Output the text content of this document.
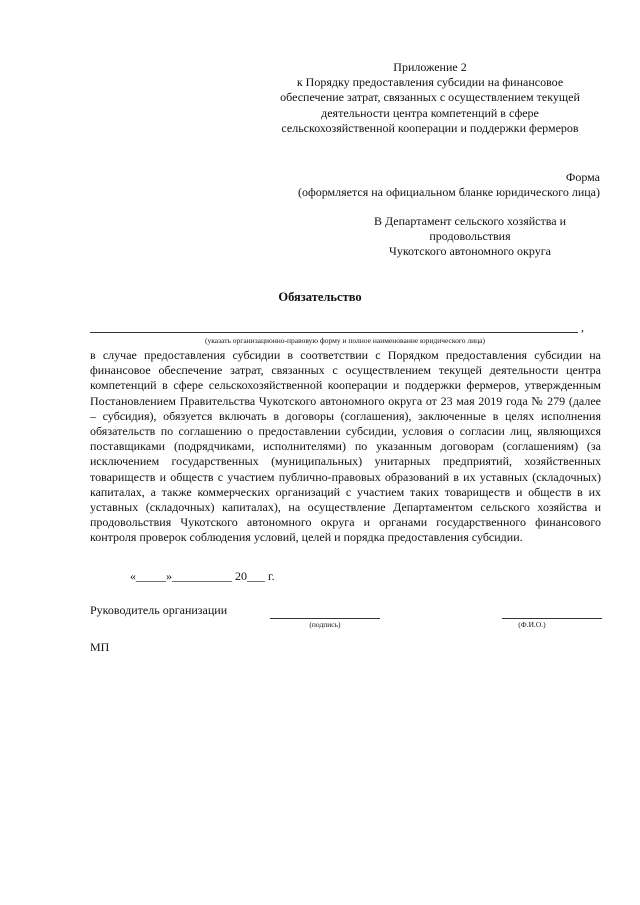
Приложение 2
к Порядку предоставления субсидии на финансовое
обеспечение затрат, связанных с осуществлением текущей
деятельности центра компетенций в сфере
сельскохозяйственной кооперации и поддержки фермеров
Форма
(оформляется на официальном бланке юридического лица)
В Департамент сельского хозяйства и
продовольствия
Чукотского автономного округа
Обязательство
,
(указать организационно-правовую форму и полное наименование юридического лица)
в случае предоставления субсидии в соответствии с Порядком предоставления субсидии на финансовое обеспечение затрат, связанных с осуществлением текущей деятельности центра компетенций в сфере сельскохозяйственной кооперации и поддержки фермеров, утвержденным Постановлением Правительства Чукотского автономного округа от 23 мая 2019 года № 279 (далее – субсидия), обязуется включать в договоры (соглашения), заключенные в целях исполнения обязательств по соглашению о предоставлении субсидии, условия о согласии лиц, являющихся поставщиками (подрядчиками, исполнителями) по указанным договорам (соглашениям) (за исключением государственных (муниципальных) унитарных предприятий, хозяйственных товариществ и обществ с участием публично-правовых образований в их уставных (складочных) капиталах, а также коммерческих организаций с участием таких товариществ и обществ в их уставных (складочных) капиталах), на осуществление Департаментом сельского хозяйства и продовольствия Чукотского автономного округа и органами государственного финансового контроля проверок соблюдения условий, целей и порядка предоставления субсидии.
«_____»__________ 20___ г.
Руководитель организации
(подпись)	(Ф.И.О.)
МП
